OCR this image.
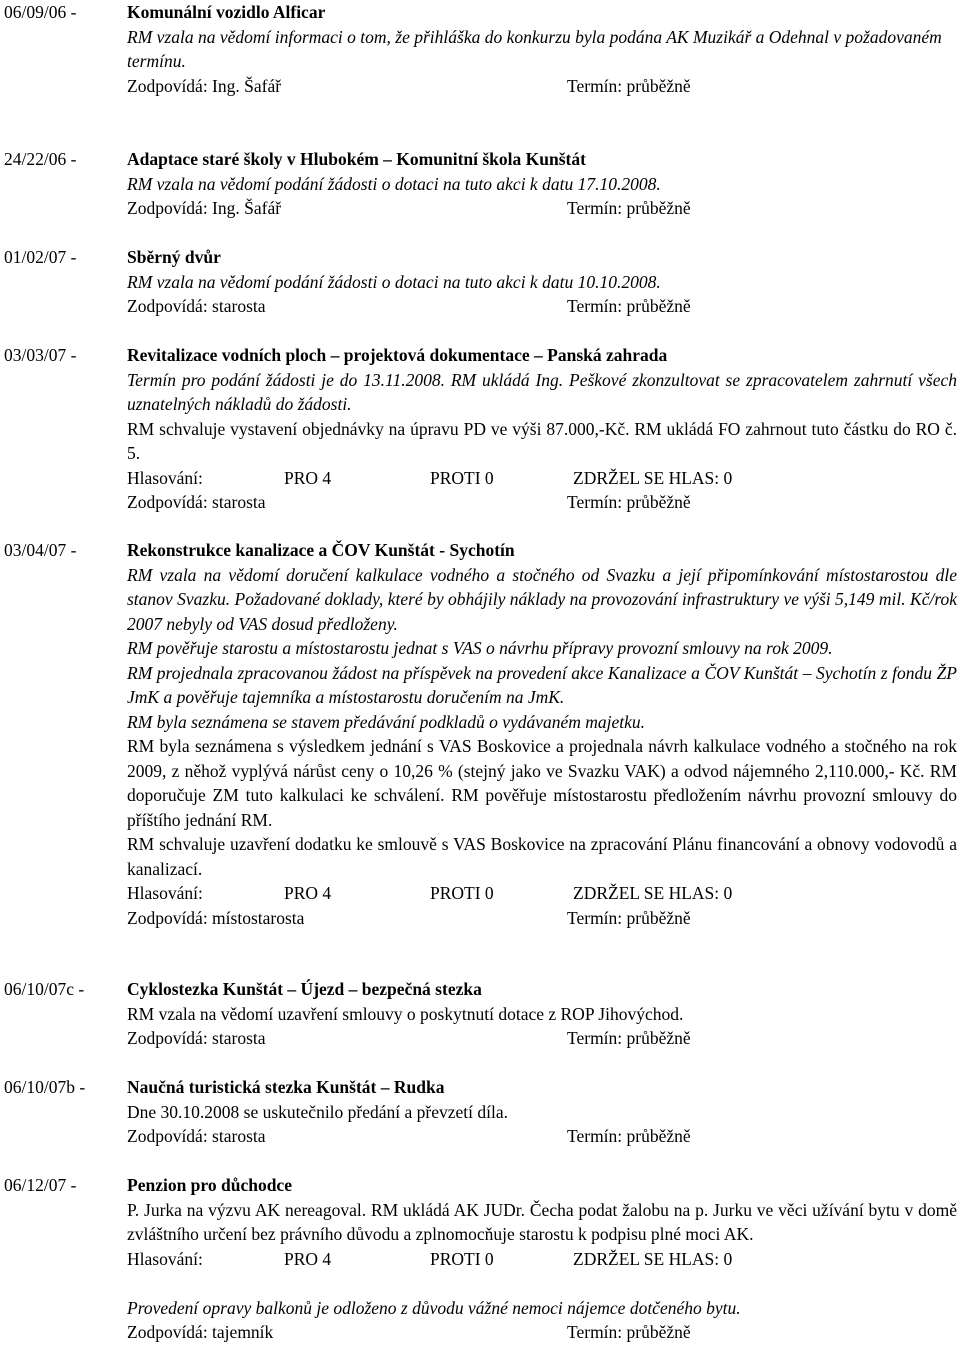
06/09/06 -	Komunální vozidlo Alficar
RM vzala na vědomí informaci o tom, že přihláška do konkurzu byla podána AK Muzikář a Odehnal v požadovaném termínu.
Zodpovídá: Ing. Šafář	Termín: průběžně
24/22/06 -	Adaptace staré školy v Hlubokém – Komunitní škola Kunštát
RM vzala na vědomí podání žádosti o dotaci na tuto akci k datu 17.10.2008.
Zodpovídá: Ing. Šafář	Termín: průběžně
01/02/07 -	Sběrný dvůr
RM vzala na vědomí podání žádosti o dotaci na tuto akci k datu 10.10.2008.
Zodpovídá: starosta	Termín: průběžně
03/03/07 -	Revitalizace vodních ploch – projektová dokumentace – Panská zahrada
Termín pro podání žádosti je do 13.11.2008. RM ukládá Ing. Peškové zkonzultovat se zpracovatelem zahrnutí všech uznatelných nákladů do žádosti.
RM schvaluje vystavení objednávky na úpravu PD ve výši 87.000,-Kč. RM ukládá FO zahrnout tuto částku do RO č. 5.
Hlasování:	PRO 4	PROTI 0	ZDRŽEL SE HLAS: 0
Zodpovídá: starosta	Termín: průběžně
03/04/07 -	Rekonstrukce kanalizace a ČOV Kunštát - Sychotín
RM vzala na vědomí doručení kalkulace vodného a stočného od Svazku a její připomínkování místostarostou dle stanov Svazku. Požadované doklady, které by obhájily náklady na provozování infrastruktury ve výši 5,149 mil. Kč/rok 2007 nebyly od VAS dosud předloženy.
RM pověřuje starostu a místostarostu jednat s VAS o návrhu přípravy provozní smlouvy na rok 2009.
RM projednala zpracovanou žádost na příspěvek na provedení akce Kanalizace a ČOV Kunštát – Sychotín z fondu ŽP JmK a pověřuje tajemníka a místostarostu doručením na JmK.
RM byla seznámena se stavem předávání podkladů o vydávaném majetku.
RM byla seznámena s výsledkem jednání s VAS Boskovice a projednala návrh kalkulace vodného a stočného na rok 2009, z něhož vyplývá nárůst ceny o 10,26 % (stejný jako ve Svazku VAK) a odvod nájemného 2,110.000,- Kč. RM doporučuje ZM tuto kalkulaci ke schválení. RM pověřuje místostarostu předložením návrhu provozní smlouvy do příštího jednání RM.
RM schvaluje uzavření dodatku ke smlouvě s VAS Boskovice na zpracování Plánu financování a obnovy vodovodů a kanalizací.
Hlasování:	PRO 4	PROTI 0	ZDRŽEL SE HLAS: 0
Zodpovídá: místostarosta	Termín: průběžně
06/10/07c -	Cyklostezka Kunštát – Újezd – bezpečná stezka
RM vzala na vědomí uzavření smlouvy o poskytnutí dotace z ROP Jihovýchod.
Zodpovídá: starosta	Termín: průběžně
06/10/07b -	Naučná turistická stezka Kunštát – Rudka
Dne 30.10.2008 se uskutečnilo předání a převzetí díla.
Zodpovídá: starosta	Termín: průběžně
06/12/07 -	Penzion pro důchodce
P. Jurka na výzvu AK nereagoval. RM ukládá AK JUDr. Čecha podat žalobu na p. Jurku ve věci užívání bytu v domě zvláštního určení bez právního důvodu a zplnomocňuje starostu k podpisu plné moci AK.
Hlasování:	PRO 4	PROTI 0	ZDRŽEL SE HLAS: 0
Provedení opravy balkonů je odloženo z důvodu vážné nemoci nájemce dotčeného bytu.
Zodpovídá: tajemník	Termín: průběžně
